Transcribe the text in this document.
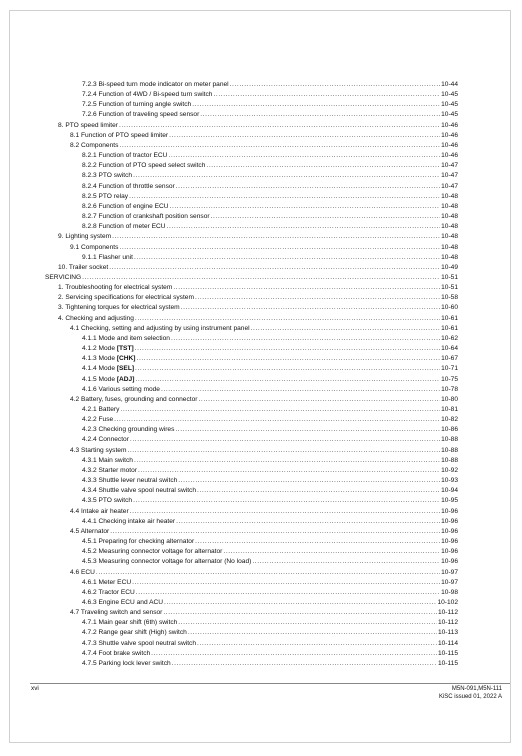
7.2.3 Bi-speed turn mode indicator on meter panel .....	10-44
7.2.4 Function of 4WD / Bi-speed turn switch .....	10-45
7.2.5 Function of turning angle switch .....	10-45
7.2.6 Function of traveling speed sensor .....	10-45
8. PTO speed limiter .....	10-46
8.1 Function of PTO speed limiter .....	10-46
8.2 Components .....	10-46
8.2.1 Function of tractor ECU .....	10-46
8.2.2 Function of PTO speed select switch .....	10-47
8.2.3 PTO switch .....	10-47
8.2.4 Function of throttle sensor .....	10-47
8.2.5 PTO relay .....	10-48
8.2.6 Function of engine ECU .....	10-48
8.2.7 Function of crankshaft position sensor .....	10-48
8.2.8 Function of meter ECU .....	10-48
9. Lighting system .....	10-48
9.1 Components .....	10-48
9.1.1 Flasher unit .....	10-48
10. Trailer socket .....	10-49
SERVICING .....	10-51
1. Troubleshooting for electrical system .....	10-51
2. Servicing specifications for electrical system .....	10-58
3. Tightening torques for electrical system .....	10-60
4. Checking and adjusting .....	10-61
4.1 Checking, setting and adjusting by using instrument panel .....	10-61
4.1.1 Mode and item selection .....	10-62
4.1.2 Mode [TST] .....	10-64
4.1.3 Mode [CHK] .....	10-67
4.1.4 Mode [SEL] .....	10-71
4.1.5 Mode [ADJ] .....	10-75
4.1.6 Various setting mode .....	10-78
4.2 Battery, fuses, grounding and connector .....	10-80
4.2.1 Battery .....	10-81
4.2.2 Fuse .....	10-82
4.2.3 Checking grounding wires .....	10-86
4.2.4 Connector .....	10-88
4.3 Starting system .....	10-88
4.3.1 Main switch .....	10-88
4.3.2 Starter motor .....	10-92
4.3.3 Shuttle lever neutral switch .....	10-93
4.3.4 Shuttle valve spool neutral switch .....	10-94
4.3.5 PTO switch .....	10-95
4.4 Intake air heater .....	10-96
4.4.1 Checking intake air heater .....	10-96
4.5 Alternator .....	10-96
4.5.1 Preparing for checking alternator .....	10-96
4.5.2 Measuring connector voltage for alternator .....	10-96
4.5.3 Measuring connector voltage for alternator (No load) .....	10-96
4.6 ECU .....	10-97
4.6.1 Meter ECU .....	10-97
4.6.2 Tractor ECU .....	10-98
4.6.3 Engine ECU and ACU .....	10-102
4.7 Traveling switch and sensor .....	10-112
4.7.1 Main gear shift (6th) switch .....	10-112
4.7.2 Range gear shift (High) switch .....	10-113
4.7.3 Shuttle valve spool neutral switch .....	10-114
4.7.4 Foot brake switch .....	10-115
4.7.5 Parking lock lever switch .....	10-115
xvi	M5N-091,M5N-111
KiSC issued 01, 2022 A
